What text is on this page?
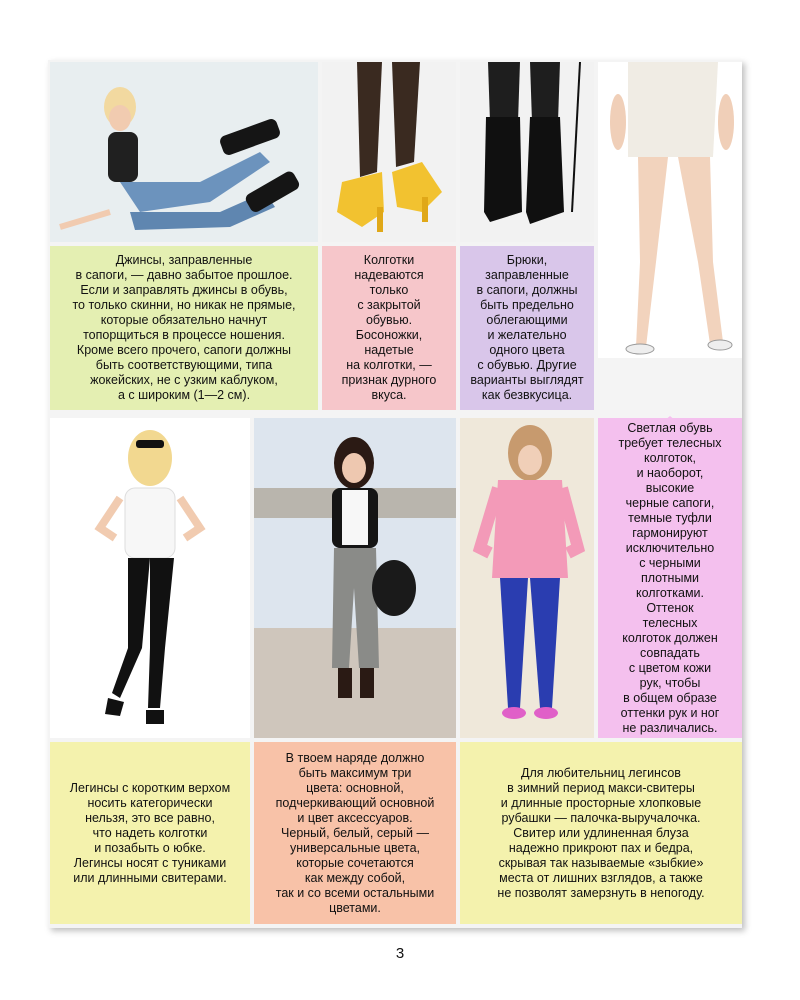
Джинсы, заправленные
в сапоги, — давно забытое прошлое.
Если и заправлять джинсы в обувь,
то только скинни, но никак не прямые,
которые обязательно начнут
топорщиться в процессе ношения.
Кроме всего прочего, сапоги должны
быть соответствующими, типа
жокейских, не с узким каблуком,
а с широким (1—2 см).
Колготки
надеваются
только
с закрытой
обувью.
Босоножки,
надетые
на колготки, —
признак дурного
вкуса.
Брюки,
заправленные
в сапоги, должны
быть предельно
облегающими
и желательно
одного цвета
с обувью. Другие
варианты выглядят
как безвкусица.
Светлая обувь
требует телесных
колготок,
и наоборот,
высокие
черные сапоги,
темные туфли
гармонируют
исключительно
с черными
плотными
колготками.
Оттенок
телесных
колготок должен
совпадать
с цветом кожи
рук, чтобы
в общем образе
оттенки рук и ног
не различались.
Легинсы с коротким верхом
носить категорически
нельзя, это все равно,
что надеть колготки
и позабыть о юбке.
Легинсы носят с туниками
или длинными свитерами.
В твоем наряде должно
быть максимум три
цвета: основной,
подчеркивающий основной
и цвет аксессуаров.
Черный, белый, серый —
универсальные цвета,
которые сочетаются
как между собой,
так и со всеми остальными
цветами.
Для любительниц легинсов
в зимний период макси-свитеры
и длинные просторные хлопковые
рубашки — палочка-выручалочка.
Свитер или удлиненная блуза
надежно прикроют пах и бедра,
скрывая так называемые «зыбкие»
места от лишних взглядов, а также
не позволят замерзнуть в непогоду.
3
